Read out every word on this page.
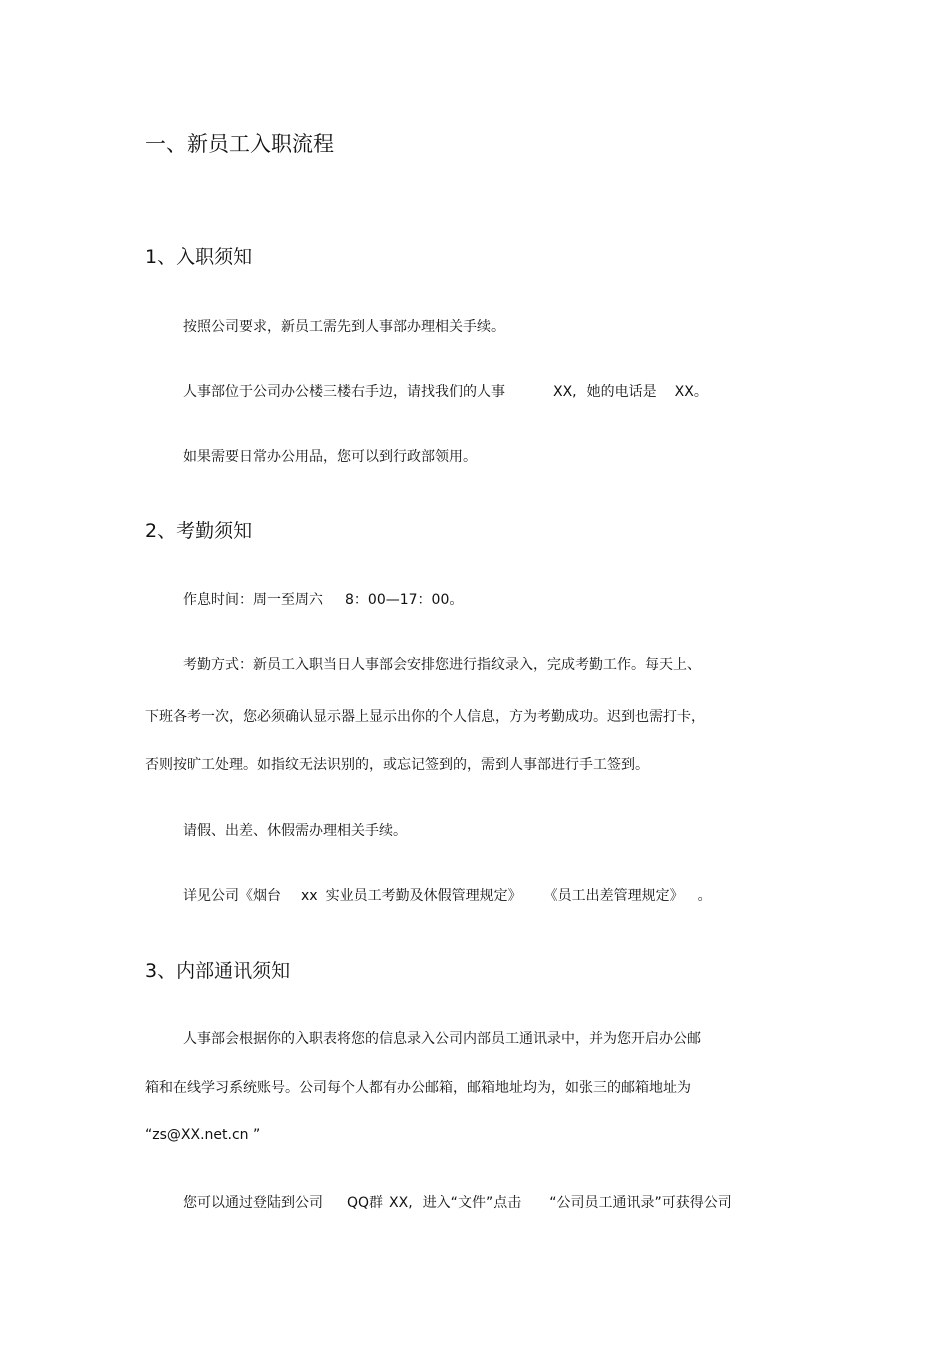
一、新员工入职流程
1、入职须知
按照公司要求，新员工需先到人事部办理相关手续。
人事部位于公司办公楼三楼右手边，请找我们的人事	XX, 她的电话是 XX。
如果需要日常办公用品，您可以到行政部领用。
2、考勤须知
作息时间：周一至周六 8：00—17：00。
考勤方式：新员工入职当日人事部会安排您进行指纹录入，完成考勤工作。每天上、
下班各考一次，您必须确认显示器上显示出你的个人信息，方为考勤成功。迟到也需打卡，
否则按旷工处理。如指纹无法识别的，或忘记签到的，需到人事部进行手工签到。
请假、出差、休假需办理相关手续。
详见公司《烟台 xx 实业员工考勤及休假管理规定》 《员工出差管理规定》 。
3、内部通讯须知
人事部会根据你的入职表将您的信息录入公司内部员工通讯录中，并为您开启办公邮
箱和在线学习系统账号。公司每个人都有办公邮箱，邮箱地址均为，如张三的邮箱地址为
“zs@XX.net.cn ”
您可以通过登陆到公司 QQ群 XX, 进入“文件”点击 “公司员工通讯录”可获得公司
